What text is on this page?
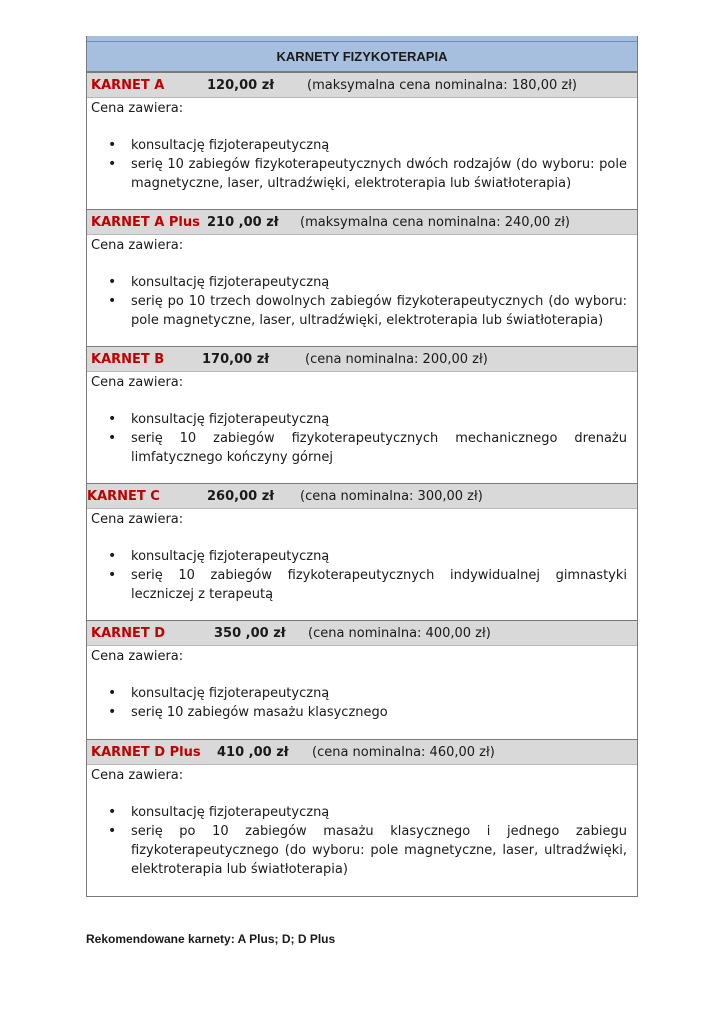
KARNETY FIZYKOTERAPIA
KARNET A	120,00 zł	(maksymalna cena nominalna: 180,00 zł)
Cena zawiera:
• konsultację fizjoterapeutyczną
• serię 10 zabiegów fizykoterapeutycznych dwóch rodzajów (do wyboru: pole magnetyczne, laser, ultradźwięki, elektroterapia lub światłoterapia)
KARNET A Plus 210 ,00 zł (maksymalna cena nominalna: 240,00 zł)
Cena zawiera:
• konsultację fizjoterapeutyczną
• serię po 10 trzech dowolnych zabiegów fizykoterapeutycznych (do wyboru: pole magnetyczne, laser, ultradźwięki, elektroterapia lub światłoterapia)
KARNET B	170,00 zł	(cena nominalna: 200,00 zł)
Cena zawiera:
• konsultację fizjoterapeutyczną
• serię 10 zabiegów fizykoterapeutycznych mechanicznego drenażu limfatycznego kończyny górnej
KARNET C	260,00 zł (cena nominalna: 300,00 zł)
Cena zawiera:
• konsultację fizjoterapeutyczną
• serię 10 zabiegów fizykoterapeutycznych indywidualnej gimnastyki leczniczej z terapeutą
KARNET D	350 ,00 zł (cena nominalna: 400,00 zł)
Cena zawiera:
• konsultację fizjoterapeutyczną
• serię 10 zabiegów masażu klasycznego
KARNET D Plus 410 ,00 zł (cena nominalna: 460,00 zł)
Cena zawiera:
• konsultację fizjoterapeutyczną
• serię po 10 zabiegów masażu klasycznego i jednego zabiegu fizykoterapeutycznego (do wyboru: pole magnetyczne, laser, ultradźwięki, elektroterapia lub światłoterapia)
Rekomendowane karnety: A Plus; D; D Plus
